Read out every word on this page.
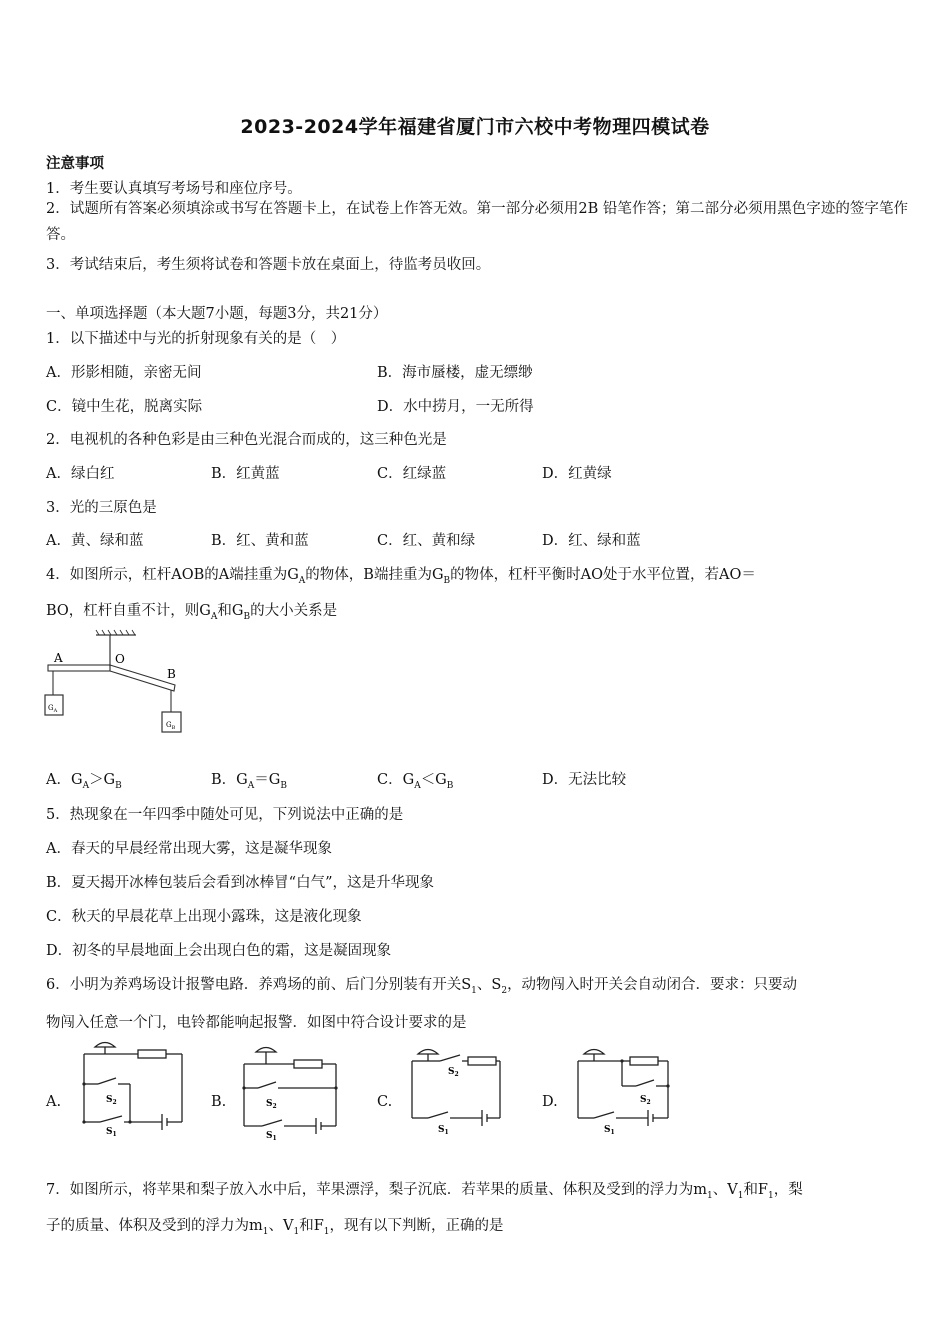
2023-2024学年福建省厦门市六校中考物理四模试卷
注意事项
1．考生要认真填写考场号和座位序号。
2．试题所有答案必须填涂或书写在答题卡上，在试卷上作答无效。第一部分必须用2B 铅笔作答；第二部分必须用黑色字迹的签字笔作答。
3．考试结束后，考生须将试卷和答题卡放在桌面上，待监考员收回。
一、单项选择题（本大题7小题，每题3分，共21分）
1．以下描述中与光的折射现象有关的是（　）
A．形影相随，亲密无间	B．海市蜃楼，虚无缥缈
C．镜中生花，脱离实际	D．水中捞月，一无所得
2．电视机的各种色彩是由三种色光混合而成的，这三种色光是
A．绿白红	B．红黄蓝	C．红绿蓝	D．红黄绿
3．光的三原色是
A．黄、绿和蓝	B．红、黄和蓝	C．红、黄和绿	D．红、绿和蓝
4．如图所示，杠杆AOB的A端挂重为$G_A$的物体，B端挂重为$G_B$的物体，杠杆平衡时AO处于水平位置，若AO＝
BO，杠杆自重不计，则$G_A$和$G_B$的大小关系是
A	O
B
$G_A$
$G_B$
A．$G_A>G_B$	B．$G_A=G_B$	C．$G_A<G_B$	D．无法比较
5．热现象在一年四季中随处可见，下列说法中正确的是
A．春天的早晨经常出现大雾，这是凝华现象
B．夏天揭开冰棒包装后会看到冰棒冒“白气”，这是升华现象
C．秋天的早晨花草上出现小露珠，这是液化现象
D．初冬的早晨地面上会出现白色的霜，这是凝固现象
6．小明为养鸡场设计报警电路．养鸡场的前、后门分别装有开关$S_1$、$S_2$，动物闯入时开关会自动闭合．要求：只要动
物闯入任意一个门，电铃都能响起报警．如图中符合设计要求的是
A.	$S_2$
$S_1$
B.	$S_2$
$S_1$
C.
$S_2$
$S_1$
D.	$S_2$
$S_1$
7．如图所示，将苹果和梨子放入水中后，苹果漂浮，梨子沉底．若苹果的质量、体积及受到的浮力为$m_1$、$V_1$和$F_1$，梨
子的质量、体积及受到的浮力为$m_1$、$V_1$和$F_1$，现有以下判断，正确的是
